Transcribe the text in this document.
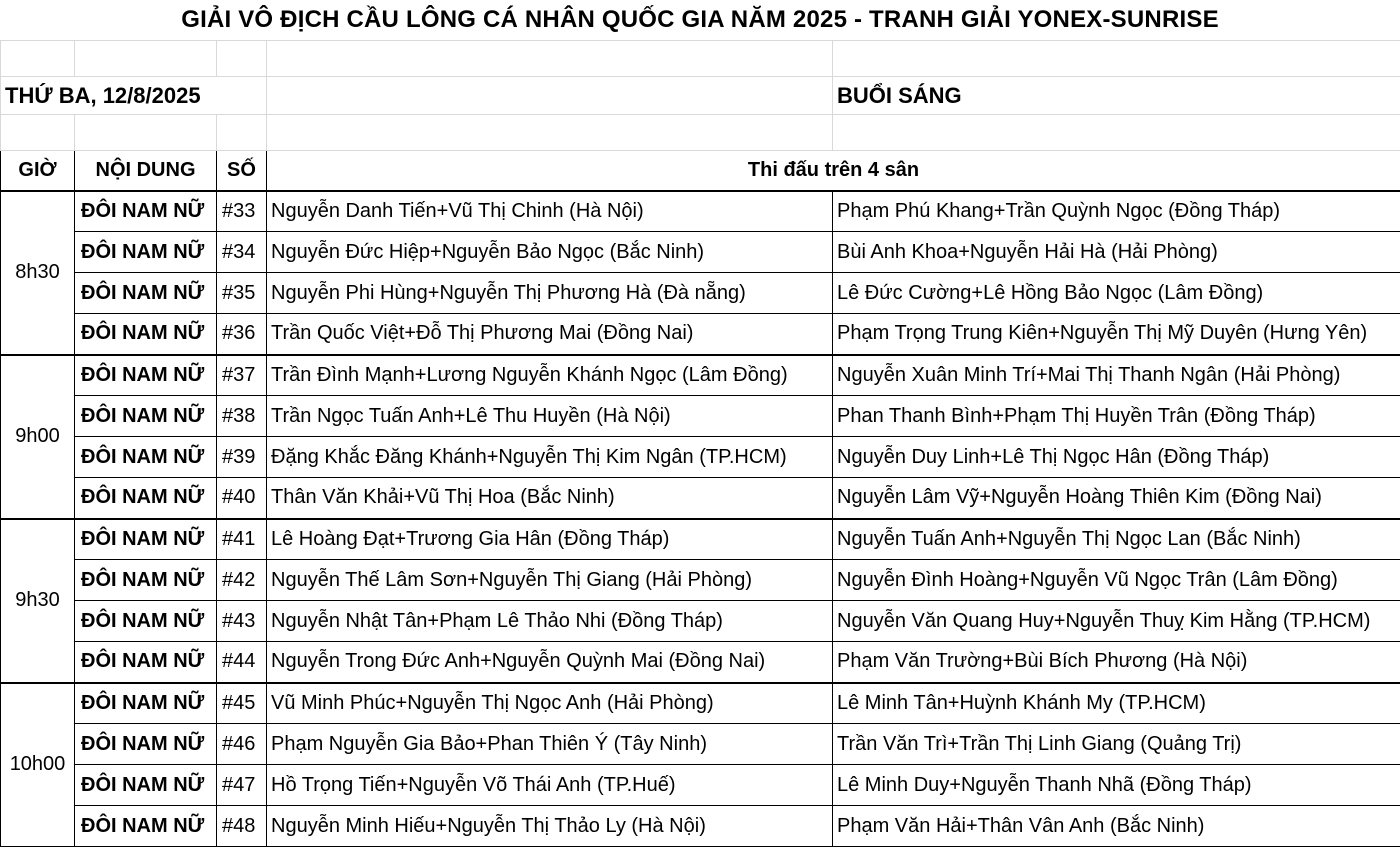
GIẢI VÔ ĐỊCH CẦU LÔNG CÁ NHÂN QUỐC GIA NĂM 2025 - TRANH GIẢI YONEX-SUNRISE

THỨ BA, 12/8/2025				BUỔI SÁNG

GIỜ	NỘI DUNG	SỐ	Thi đấu trên 4 sân	
8h30	ĐÔI NAM NỮ	#33	Nguyễn Danh Tiến+Vũ Thị Chinh (Hà Nội)	Phạm Phú Khang+Trần Quỳnh Ngọc (Đồng Tháp)
	ĐÔI NAM NỮ	#34	Nguyễn Đức Hiệp+Nguyễn Bảo Ngọc (Bắc Ninh)	Bùi Anh Khoa+Nguyễn Hải Hà (Hải Phòng)
	ĐÔI NAM NỮ	#35	Nguyễn Phi Hùng+Nguyễn Thị Phương Hà (Đà nẵng)	Lê Đức Cường+Lê Hồng Bảo Ngọc (Lâm Đồng)
	ĐÔI NAM NỮ	#36	Trần Quốc Việt+Đỗ Thị Phương Mai (Đồng Nai)	Phạm Trọng Trung Kiên+Nguyễn Thị Mỹ Duyên (Hưng Yên)
9h00	ĐÔI NAM NỮ	#37	Trần Đình Mạnh+Lương Nguyễn Khánh Ngọc (Lâm Đồng)	Nguyễn Xuân Minh Trí+Mai Thị Thanh Ngân (Hải Phòng)
	ĐÔI NAM NỮ	#38	Trần Ngọc Tuấn Anh+Lê Thu Huyền (Hà Nội)	Phan Thanh Bình+Phạm Thị Huyền Trân (Đồng Tháp)
	ĐÔI NAM NỮ	#39	Đặng Khắc Đăng Khánh+Nguyễn Thị Kim Ngân (TP.HCM)	Nguyễn Duy Linh+Lê Thị Ngọc Hân (Đồng Tháp)
	ĐÔI NAM NỮ	#40	Thân Văn Khải+Vũ Thị Hoa (Bắc Ninh)	Nguyễn Lâm Vỹ+Nguyễn Hoàng Thiên Kim (Đồng Nai)
9h30	ĐÔI NAM NỮ	#41	Lê Hoàng Đạt+Trương Gia Hân (Đồng Tháp)	Nguyễn Tuấn Anh+Nguyễn Thị Ngọc Lan (Bắc Ninh)
	ĐÔI NAM NỮ	#42	Nguyễn Thế Lâm Sơn+Nguyễn Thị Giang (Hải Phòng)	Nguyễn Đình Hoàng+Nguyễn Vũ Ngọc Trân (Lâm Đồng)
	ĐÔI NAM NỮ	#43	Nguyễn Nhật Tân+Phạm Lê Thảo Nhi (Đồng Tháp)	Nguyễn Văn Quang Huy+Nguyễn Thuỵ Kim Hằng (TP.HCM)
	ĐÔI NAM NỮ	#44	Nguyễn Trong Đức Anh+Nguyễn Quỳnh Mai (Đồng Nai)	Phạm Văn Trường+Bùi Bích Phương (Hà Nội)
10h00	ĐÔI NAM NỮ	#45	Vũ Minh Phúc+Nguyễn Thị Ngọc Anh (Hải Phòng)	Lê Minh Tân+Huỳnh Khánh My (TP.HCM)
	ĐÔI NAM NỮ	#46	Phạm Nguyễn Gia Bảo+Phan Thiên Ý (Tây Ninh)	Trần Văn Trì+Trần Thị Linh Giang (Quảng Trị)
	ĐÔI NAM NỮ	#47	Hồ Trọng Tiến+Nguyễn Võ Thái Anh (TP.Huế)	Lê Minh Duy+Nguyễn Thanh Nhã (Đồng Tháp)
	ĐÔI NAM NỮ	#48	Nguyễn Minh Hiếu+Nguyễn Thị Thảo Ly (Hà Nội)	Phạm Văn Hải+Thân Vân Anh (Bắc Ninh)
